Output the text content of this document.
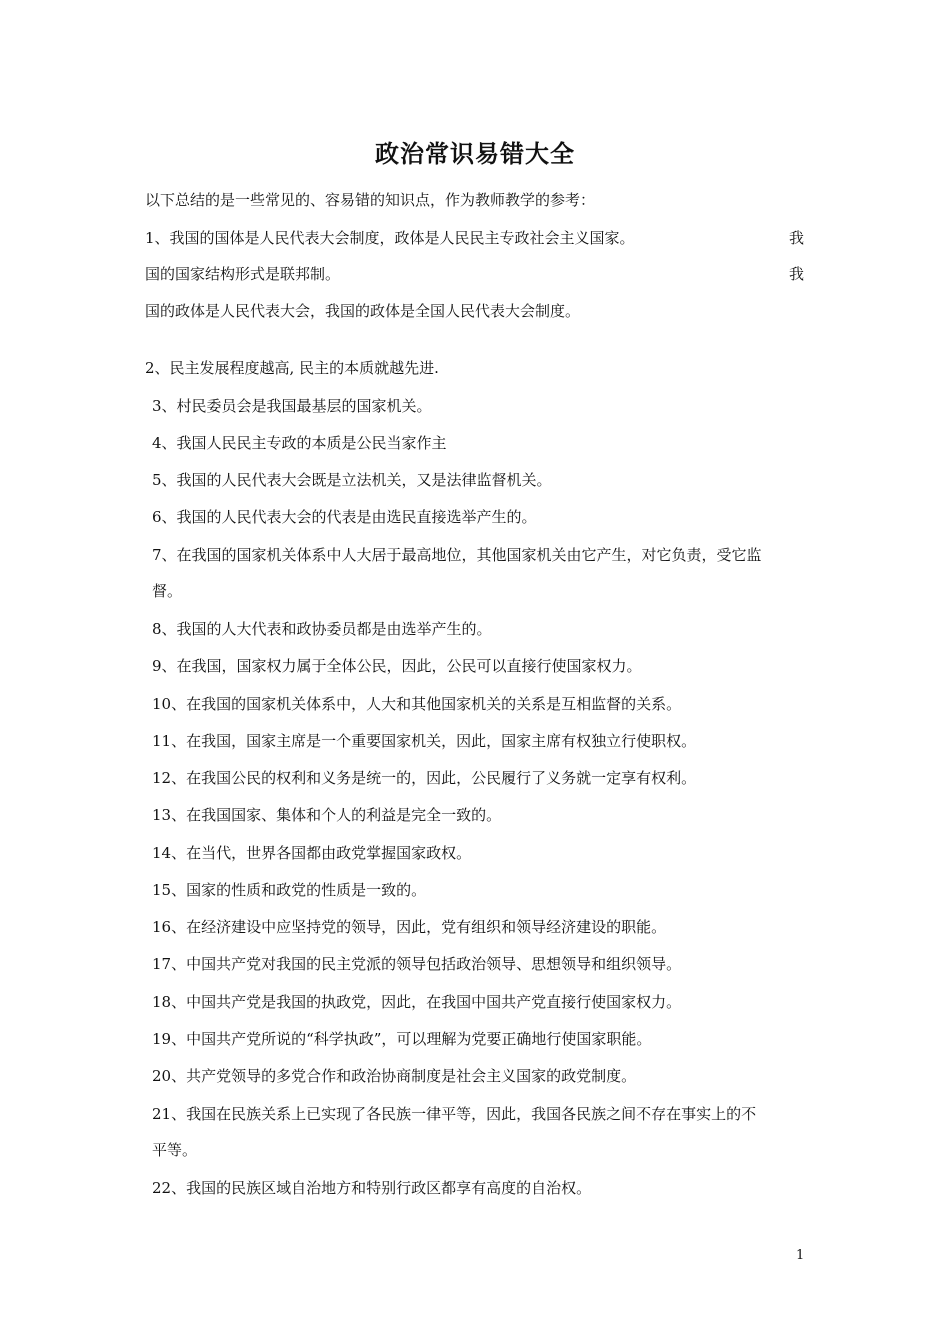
政治常识易错大全
以下总结的是一些常见的、容易错的知识点，作为教师教学的参考：
1、我国的国体是人民代表大会制度，政体是人民民主专政社会主义国家。	我
国的国家结构形式是联邦制。	我
国的政体是人民代表大会，我国的政体是全国人民代表大会制度。
2、民主发展程度越高, 民主的本质就越先进.
3、村民委员会是我国最基层的国家机关。
4、我国人民民主专政的本质是公民当家作主
5、我国的人民代表大会既是立法机关，又是法律监督机关。
6、我国的人民代表大会的代表是由选民直接选举产生的。
7、在我国的国家机关体系中人大居于最高地位，其他国家机关由它产生，对它负责，受它监
督。
8、我国的人大代表和政协委员都是由选举产生的。
9、在我国，国家权力属于全体公民，因此，公民可以直接行使国家权力。
10、在我国的国家机关体系中，人大和其他国家机关的关系是互相监督的关系。
11、在我国，国家主席是一个重要国家机关，因此，国家主席有权独立行使职权。
12、在我国公民的权利和义务是统一的，因此，公民履行了义务就一定享有权利。
13、在我国国家、集体和个人的利益是完全一致的。
14、在当代，世界各国都由政党掌握国家政权。
15、国家的性质和政党的性质是一致的。
16、在经济建设中应坚持党的领导，因此，党有组织和领导经济建设的职能。
17、中国共产党对我国的民主党派的领导包括政治领导、思想领导和组织领导。
18、中国共产党是我国的执政党，因此，在我国中国共产党直接行使国家权力。
19、中国共产党所说的“科学执政”，可以理解为党要正确地行使国家职能。
20、共产党领导的多党合作和政治协商制度是社会主义国家的政党制度。
21、我国在民族关系上已实现了各民族一律平等，因此，我国各民族之间不存在事实上的不
平等。
22、我国的民族区域自治地方和特别行政区都享有高度的自治权。
1
